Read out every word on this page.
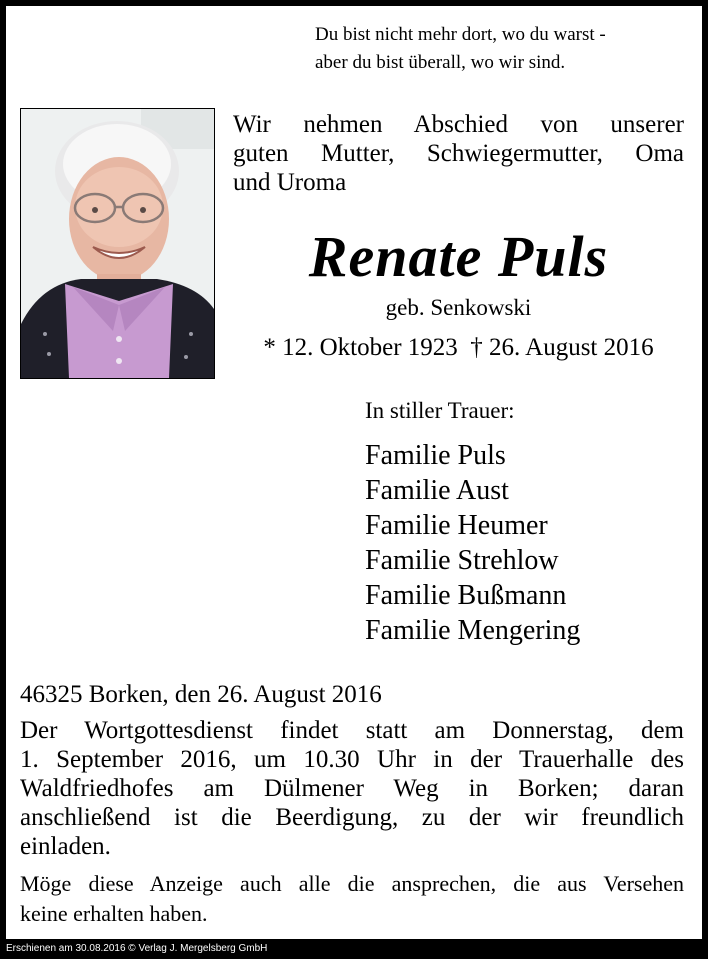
Du bist nicht mehr dort, wo du warst -
aber du bist überall, wo wir sind.
Wir nehmen Abschied von unserer
guten Mutter, Schwiegermutter, Oma
und Uroma
Renate Puls
geb. Senkowski
* 12. Oktober 1923 † 26. August 2016
In stiller Trauer:
Familie Puls
Familie Aust
Familie Heumer
Familie Strehlow
Familie Bußmann
Familie Mengering
46325 Borken, den 26. August 2016
Der Wortgottesdienst findet statt am Donnerstag, dem
1. September 2016, um 10.30 Uhr in der Trauerhalle des
Waldfriedhofes am Dülmener Weg in Borken; daran
anschließend ist die Beerdigung, zu der wir freundlich
einladen.
Möge diese Anzeige auch alle die ansprechen, die aus Versehen
keine erhalten haben.
Erschienen am 30.08.2016 © Verlag J. Mergelsberg GmbH
